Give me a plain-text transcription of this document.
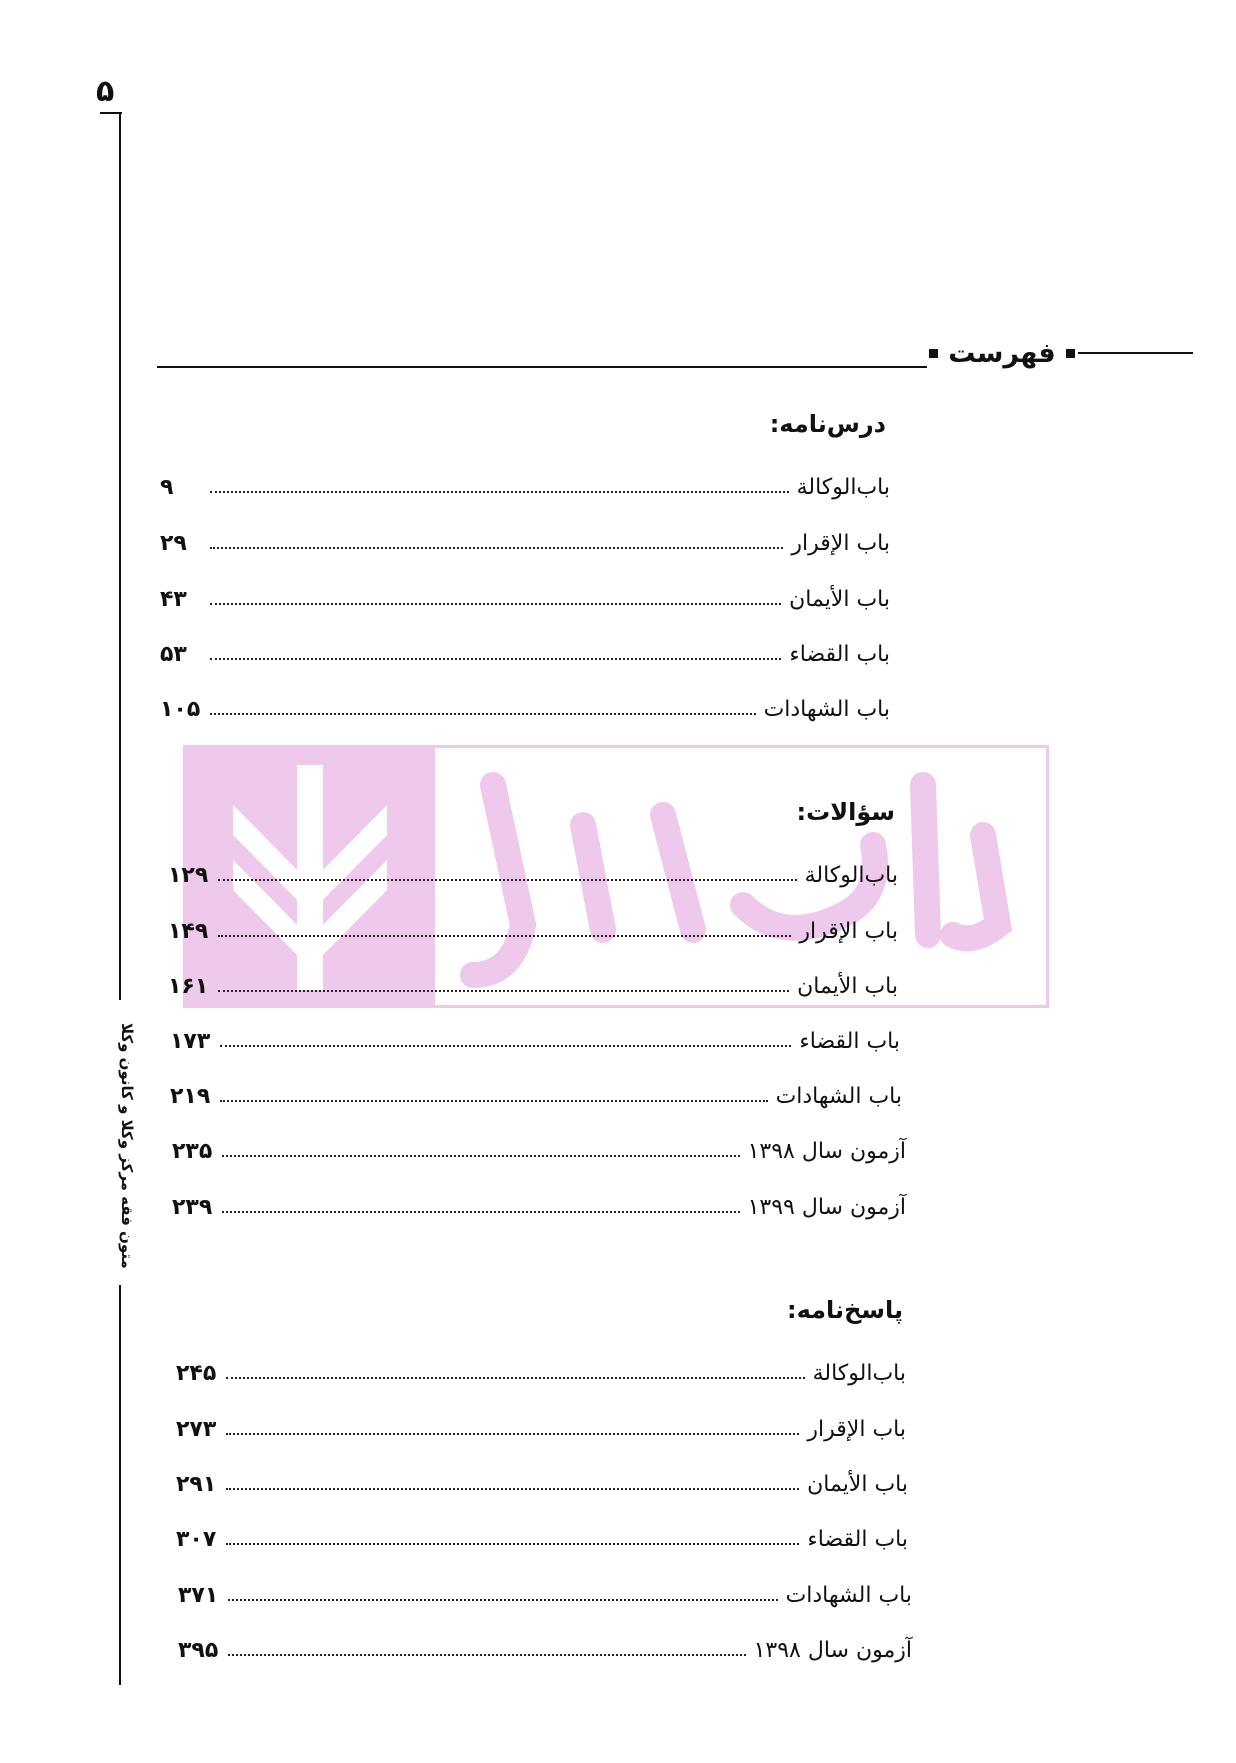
۵
متون فقه مرکز وکلا و کانون وکلا
فهرست
درس‌نامه:
باب‌الوکالة
۹
باب الإقرار
۲۹
باب الأیمان
۴۳
باب القضاء
۵۳
باب الشهادات
۱۰۵
سؤالات:
باب‌الوکالة
۱۲۹
باب الإقرار
۱۴۹
باب الأیمان
۱۶۱
باب القضاء
۱۷۳
باب الشهادات
۲۱۹
آزمون سال ۱۳۹۸
۲۳۵
آزمون سال ۱۳۹۹
۲۳۹
پاسخ‌نامه:
باب‌الوکالة
۲۴۵
باب الإقرار
۲۷۳
باب الأیمان
۲۹۱
باب القضاء
۳۰۷
باب الشهادات
۳۷۱
آزمون سال ۱۳۹۸
۳۹۵
